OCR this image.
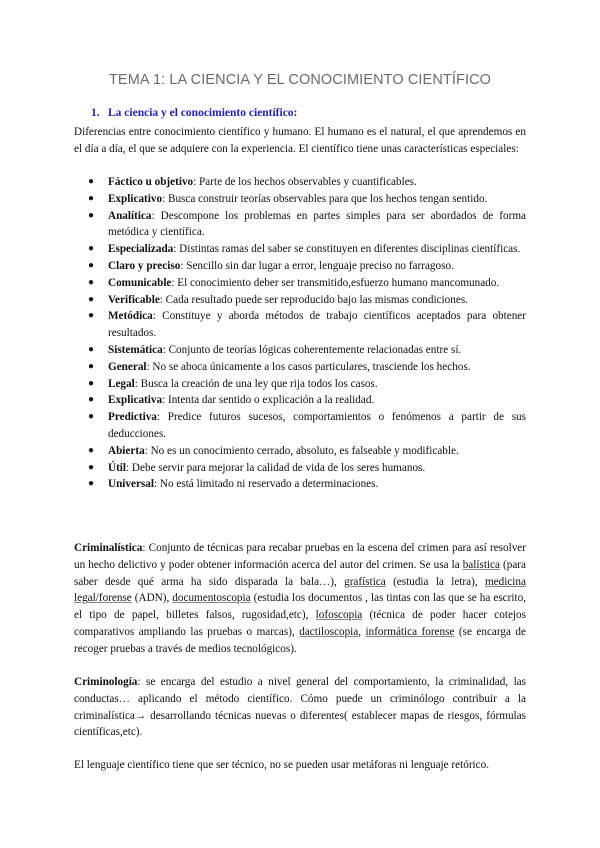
TEMA 1: LA CIENCIA Y EL CONOCIMIENTO CIENTÍFICO
1. La ciencia y el conocimiento científico:
Diferencias entre conocimiento científico y humano. El humano es el natural, el que aprendemos en el día a día, el que se adquiere con la experiencia. El científico tiene unas características especiales:
● Fáctico u objetivo: Parte de los hechos observables y cuantificables.
● Explicativo: Busca construir teorías observables para que los hechos tengan sentido.
● Analítica: Descompone los problemas en partes simples para ser abordados de forma metódica y científica.
● Especializada: Distintas ramas del saber se constituyen en diferentes disciplinas científicas.
● Claro y preciso: Sencillo sin dar lugar a error, lenguaje preciso no farragoso.
● Comunicable: El conocimiento deber ser transmitido,esfuerzo humano mancomunado.
● Verificable: Cada resultado puede ser reproducido bajo las mismas condiciones.
● Metódica: Constituye y aborda métodos de trabajo científicos aceptados para obtener resultados.
● Sistemática: Conjunto de teorías lógicas coherentemente relacionadas entre sí.
● General: No se aboca únicamente a los casos particulares, trasciende los hechos.
● Legal: Busca la creación de una ley que rija todos los casos.
● Explicativa: Intenta dar sentido o explicación a la realidad.
● Predictiva: Predice futuros sucesos, comportamientos o fenómenos a partir de sus deducciones.
● Abierta: No es un conocimiento cerrado, absoluto, es falseable y modificable.
● Útil: Debe servir para mejorar la calidad de vida de los seres humanos.
● Universal: No está limitado ni reservado a determinaciones.
Criminalística: Conjunto de técnicas para recabar pruebas en la escena del crimen para así resolver un hecho delictivo y poder obtener información acerca del autor del crimen. Se usa la balística (para saber desde qué arma ha sido disparada la bala…), grafística (estudia la letra), medicina legal/forense (ADN), documentoscopia (estudia los documentos , las tintas con las que se ha escrito, el tipo de papel, billetes falsos, rugosidad,etc), lofoscopia (técnica de poder hacer cotejos comparativos ampliando las pruebas o marcas), dactiloscopia, informática forense (se encarga de recoger pruebas a través de medios tecnológicos).
Criminología: se encarga del estudio a nivel general del comportamiento, la criminalidad, las conductas… aplicando el método científico. Cómo puede un criminólogo contribuir a la criminalística→ desarrollando técnicas nuevas o diferentes( establecer mapas de riesgos, fórmulas científicas,etc).
El lenguaje científico tiene que ser técnico, no se pueden usar metáforas ni lenguaje retórico.
